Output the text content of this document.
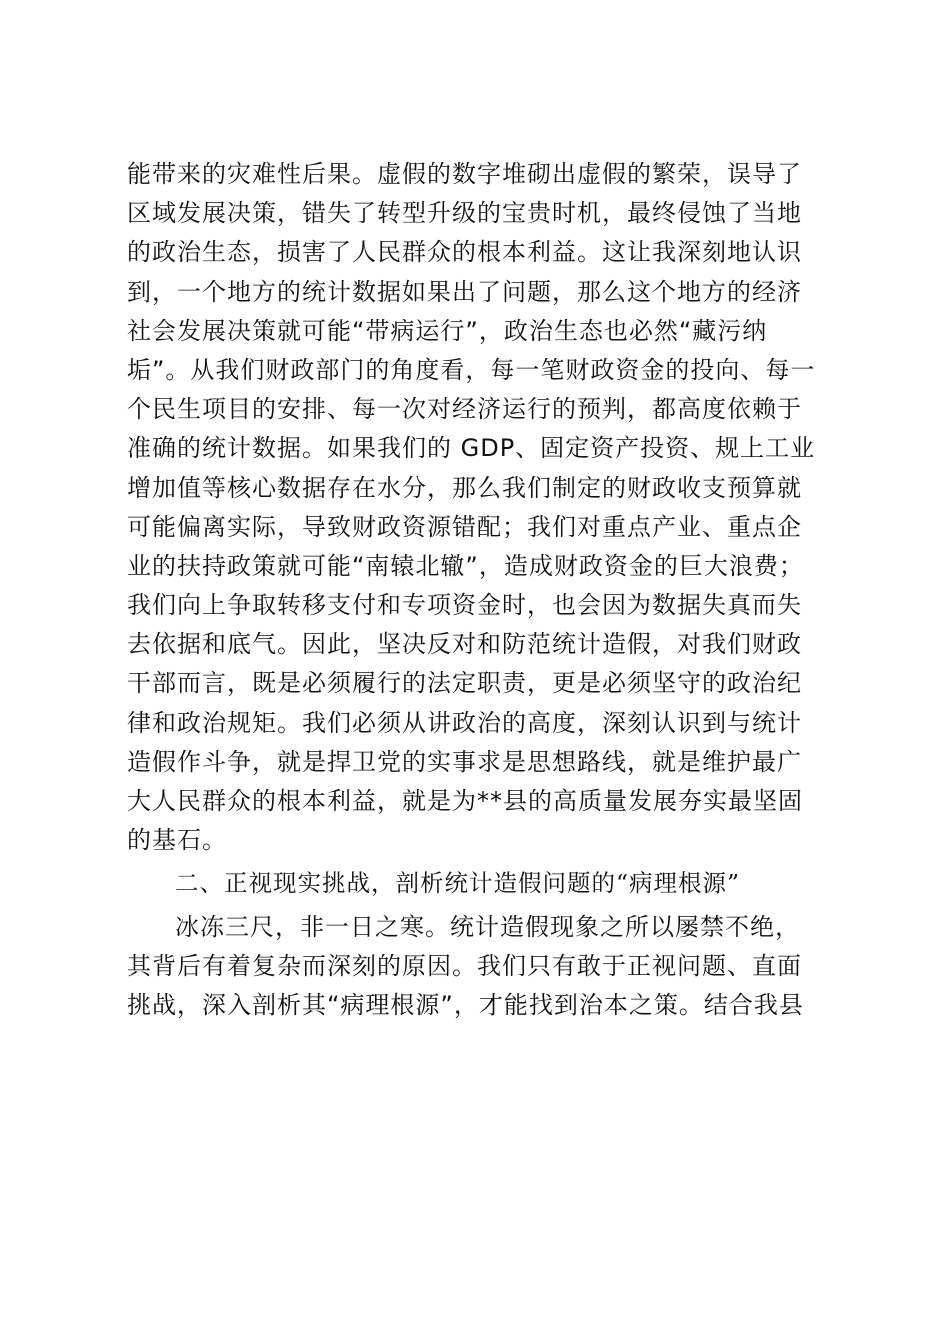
能带来的灾难性后果。虚假的数字堆砌出虚假的繁荣，误导了
区域发展决策，错失了转型升级的宝贵时机，最终侵蚀了当地
的政治生态，损害了人民群众的根本利益。这让我深刻地认识
到，一个地方的统计数据如果出了问题，那么这个地方的经济
社会发展决策就可能“带病运行”，政治生态也必然“藏污纳
垢”。从我们财政部门的角度看，每一笔财政资金的投向、每一
个民生项目的安排、每一次对经济运行的预判，都高度依赖于
准确的统计数据。如果我们的 GDP、固定资产投资、规上工业
增加值等核心数据存在水分，那么我们制定的财政收支预算就
可能偏离实际，导致财政资源错配；我们对重点产业、重点企
业的扶持政策就可能“南辕北辙”，造成财政资金的巨大浪费；
我们向上争取转移支付和专项资金时，也会因为数据失真而失
去依据和底气。因此，坚决反对和防范统计造假，对我们财政
干部而言，既是必须履行的法定职责，更是必须坚守的政治纪
律和政治规矩。我们必须从讲政治的高度，深刻认识到与统计
造假作斗争，就是捍卫党的实事求是思想路线，就是维护最广
大人民群众的根本利益，就是为**县的高质量发展夯实最坚固
的基石。
二、正视现实挑战，剖析统计造假问题的“病理根源”
冰冻三尺，非一日之寒。统计造假现象之所以屡禁不绝，
其背后有着复杂而深刻的原因。我们只有敢于正视问题、直面
挑战，深入剖析其“病理根源”，才能找到治本之策。结合我县
